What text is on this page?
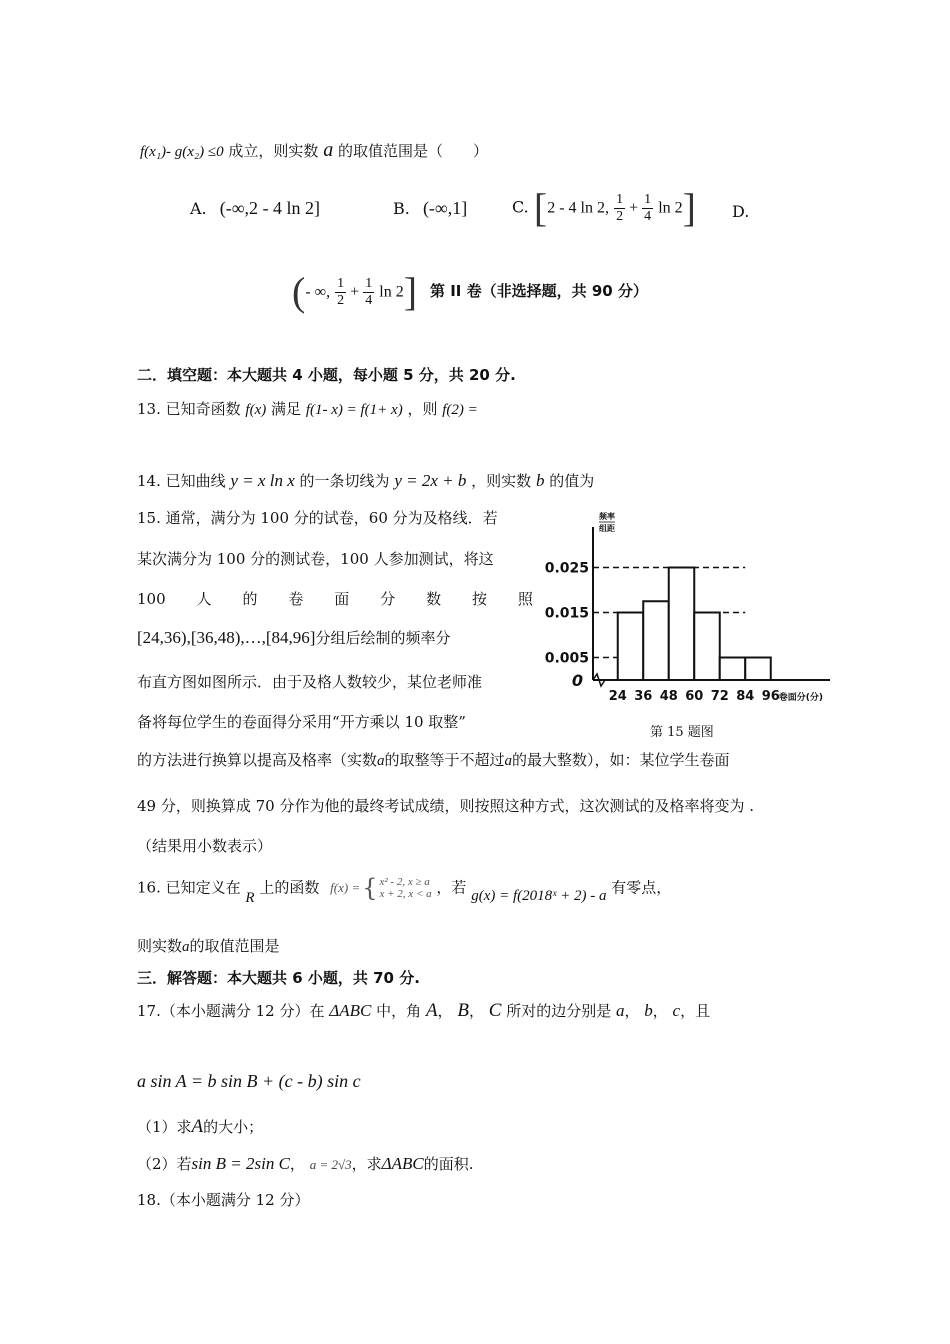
f(x₁)- g(x₂) ≤0 成立，则实数 a 的取值范围是（　　）
A. (-∞,2 - 4 ln 2]	B. (-∞,1]	C. [2 - 4 ln 2, $\frac{1}{2} + \frac{1}{4}$ ln 2] D.
(- ∞, $\frac{1}{2} + \frac{1}{4}$ ln 2] 第 II 卷（非选择题，共 90 分）
二．填空题：本大题共 4 小题，每小题 5 分，共 20 分.
13. 已知奇函数 f(x) 满足 f(1- x) = f(1+ x) ，则 f(2) =
14. 已知曲线 y = x ln x 的一条切线为 y = 2x + b ，则实数 b 的值为
15. 通常，满分为 100 分的试卷，60 分为及格线．若
某次满分为 100 分的测试卷，100 人参加测试，将这
100 人 的 卷 面 分 数 按 照
[24,36),[36,48),…,[84,96]分组后绘制的频率分
布直方图如图所示．由于及格人数较少，某位老师准
备将每位学生的卷面得分采用“开方乘以 10 取整”
的方法进行换算以提高及格率（实数a的取整等于不超过a的最大整数），如：某位学生卷面
49 分，则换算成 70 分作为他的最终考试成绩，则按照这种方式，这次测试的及格率将变为 .
（结果用小数表示）
0.005
0.015
0.025
24 36 48 60 72 84 96
0
卷面分(分)
频率
组距
第 15 题图
16. 已知定义在 R 上的函数 f(x) ={ x² - 2, x ≥ a
x + 2, x < a ，若 g(x) = f(2018ˣ + 2) - a 有零点，
则实数a的取值范围是
三．解答题：本大题共 6 小题，共 70 分.
17.（本小题满分 12 分）在 ΔABC 中，角 A， B， C 所对的边分别是 a， b， c，且
a sin A = b sin B + (c - b) sin c
（1）求A的大小；
（2）若sin B = 2sin C， a = 2√3，求ΔABC的面积.
18.（本小题满分 12 分）
